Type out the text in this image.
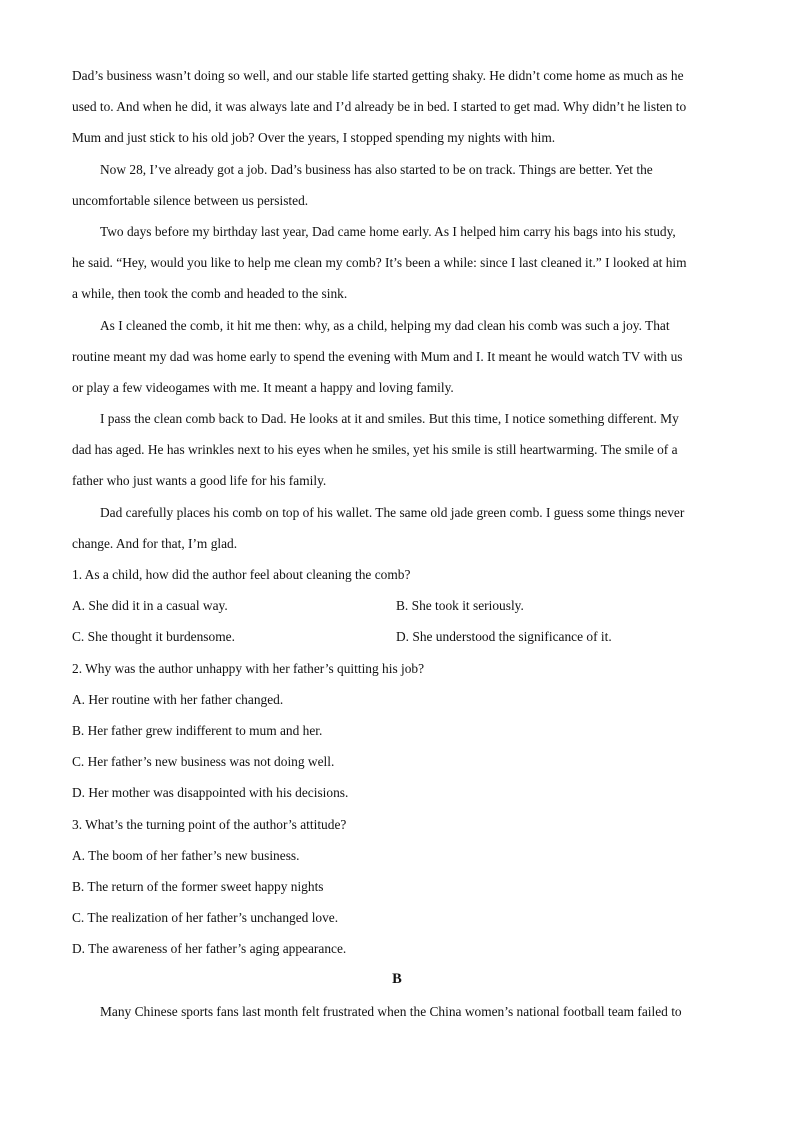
Dad’s business wasn’t doing so well, and our stable life started getting shaky. He didn’t come home as much as he
used to. And when he did, it was always late and I’d already be in bed. I started to get mad. Why didn’t he listen to
Mum and just stick to his old job? Over the years, I stopped spending my nights with him.
Now 28, I’ve already got a job. Dad’s business has also started to be on track. Things are better. Yet the
uncomfortable silence between us persisted.
Two days before my birthday last year, Dad came home early. As I helped him carry his bags into his study,
he said. “Hey, would you like to help me clean my comb? It’s been a while: since I last cleaned it.” I looked at him
a while, then took the comb and headed to the sink.
As I cleaned the comb, it hit me then: why, as a child, helping my dad clean his comb was such a joy. That
routine meant my dad was home early to spend the evening with Mum and I. It meant he would watch TV with us
or play a few videogames with me. It meant a happy and loving family.
I pass the clean comb back to Dad. He looks at it and smiles. But this time, I notice something different. My
dad has aged. He has wrinkles next to his eyes when he smiles, yet his smile is still heartwarming. The smile of a
father who just wants a good life for his family.
Dad carefully places his comb on top of his wallet. The same old jade green comb. I guess some things never
change. And for that, I’m glad.
1. As a child, how did the author feel about cleaning the comb?
A. She did it in a casual way.	B. She took it seriously.
C. She thought it burdensome.	D. She understood the significance of it.
2. Why was the author unhappy with her father’s quitting his job?
A. Her routine with her father changed.
B. Her father grew indifferent to mum and her.
C. Her father’s new business was not doing well.
D. Her mother was disappointed with his decisions.
3. What’s the turning point of the author’s attitude?
A. The boom of her father’s new business.
B. The return of the former sweet happy nights
C. The realization of her father’s unchanged love.
D. The awareness of her father’s aging appearance.
B
Many Chinese sports fans last month felt frustrated when the China women’s national football team failed to
